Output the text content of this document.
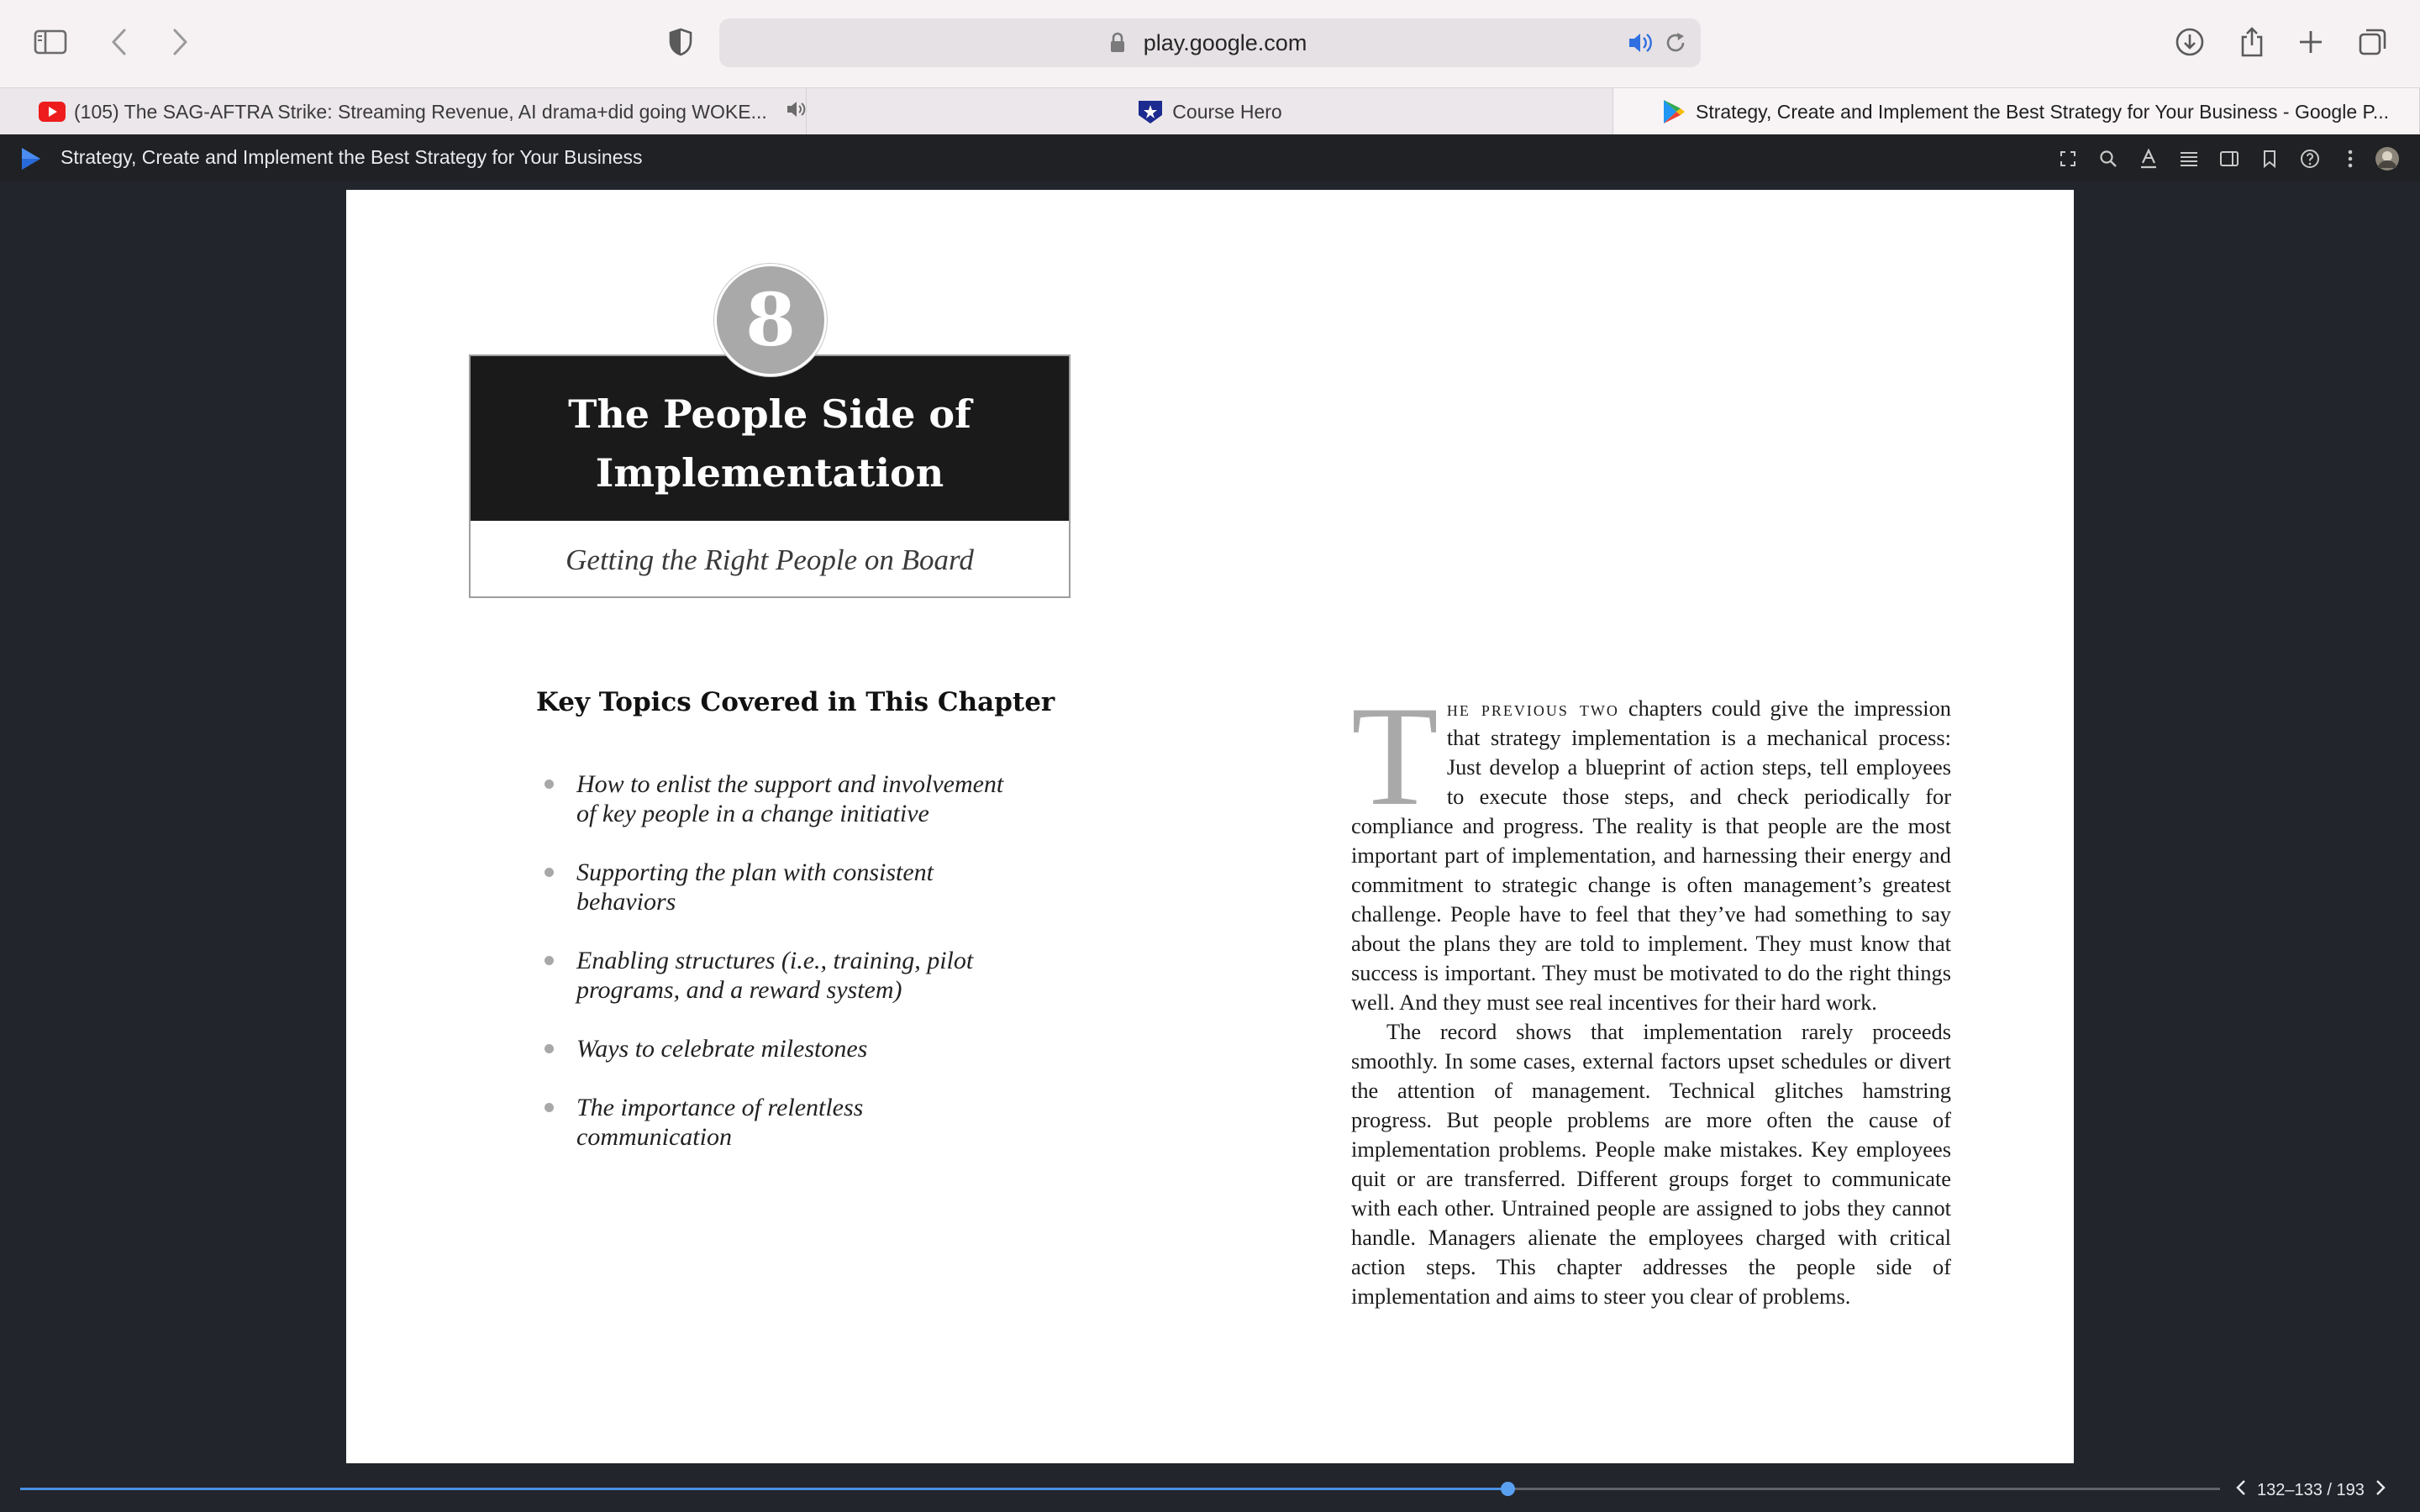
play.google.com
(105) The SAG-AFTRA Strike: Streaming Revenue, AI drama+did going WOKE...	Course Hero	Strategy, Create and Implement the Best Strategy for Your Business - Google P...
Strategy, Create and Implement the Best Strategy for Your Business
The People Side of
Implementation
Getting the Right People on Board
8
Key Topics Covered in This Chapter
How to enlist the support and involvement
of key people in a change initiative
Supporting the plan with consistent
behaviors
Enabling structures (i.e., training, pilot
programs, and a reward system)
Ways to celebrate milestones
The importance of relentless communication

The previous two chapters could give the impression that strategy implementation is a mechanical process: Just develop a blueprint of action steps, tell employees to execute those steps, and check periodically for compliance and progress. The reality is that people are the most important part of implementation, and harnessing their energy and commitment to strategic change is often management’s greatest challenge. People have to feel that they’ve had something to say about the plans they are told to implement. They must know that success is important. They must be motivated to do the right things well. And they must see real incentives for their hard work.

The record shows that implementation rarely proceeds smoothly. In some cases, external factors upset schedules or divert the attention of management. Technical glitches hamstring progress. But people problems are more often the cause of implementation problems. People make mistakes. Key employees quit or are transferred. Different groups forget to communicate with each other. Untrained people are assigned to jobs they cannot handle. Managers alienate the employees charged with critical action steps. This chapter addresses the people side of implementation and aims to steer you clear of problems.

132–133 / 193
